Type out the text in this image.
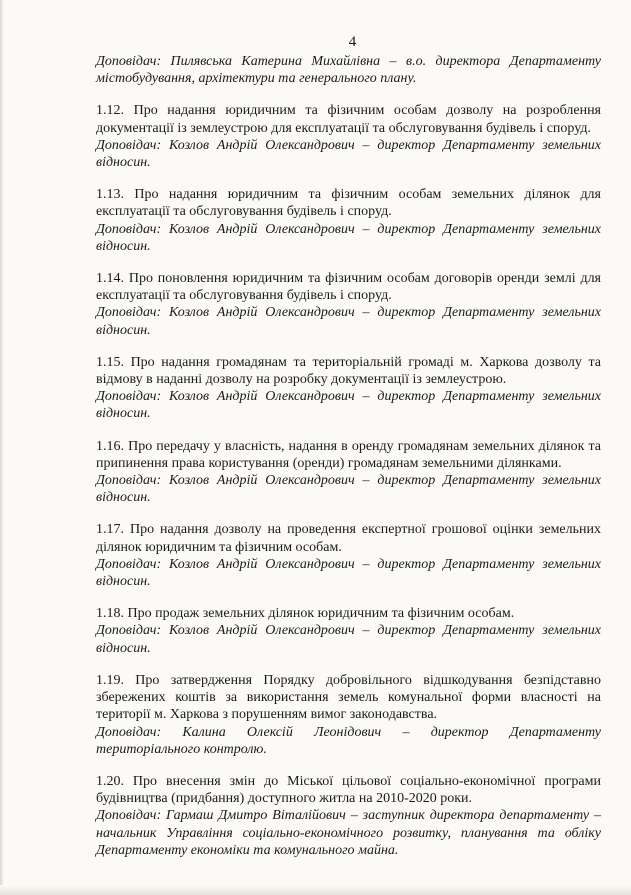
4

Доповідач: Пилявська Катерина Михайлівна – в.о. директора Департаменту містобудування, архітектури та генерального плану.

1.12. Про надання юридичним та фізичним особам дозволу на розроблення документації із землеустрою для експлуатації та обслуговування будівель і споруд.

Доповідач: Козлов Андрій Олександрович – директор Департаменту земельних відносин.

1.13. Про надання юридичним та фізичним особам земельних ділянок для експлуатації та обслуговування будівель і споруд.

Доповідач: Козлов Андрій Олександрович – директор Департаменту земельних відносин.

1.14. Про поновлення юридичним та фізичним особам договорів оренди землі для експлуатації та обслуговування будівель і споруд.

Доповідач: Козлов Андрій Олександрович – директор Департаменту земельних відносин.

1.15. Про надання громадянам та територіальній громаді м. Харкова дозволу та відмову в наданні дозволу на розробку документації із землеустрою.

Доповідач: Козлов Андрій Олександрович – директор Департаменту земельних відносин.

1.16. Про передачу у власність, надання в оренду громадянам земельних ділянок та припинення права користування (оренди) громадянам земельними ділянками.

Доповідач: Козлов Андрій Олександрович – директор Департаменту земельних відносин.

1.17. Про надання дозволу на проведення експертної грошової оцінки земельних ділянок юридичним та фізичним особам.

Доповідач: Козлов Андрій Олександрович – директор Департаменту земельних відносин.

1.18. Про продаж земельних ділянок юридичним та фізичним особам.

Доповідач: Козлов Андрій Олександрович – директор Департаменту земельних відносин.

1.19. Про затвердження Порядку добровільного відшкодування безпідставно збережених коштів за використання земель комунальної форми власності на території м. Харкова з порушенням вимог законодавства.

Доповідач: Калина Олексій Леонідович – директор Департаменту територіального контролю.

1.20. Про внесення змін до Міської цільової соціально-економічної програми будівництва (придбання) доступного житла на 2010-2020 роки.

Доповідач: Гармаш Дмитро Віталійович – заступник директора департаменту – начальник Управління соціально-економічного розвитку, планування та обліку Департаменту економіки та комунального майна.
